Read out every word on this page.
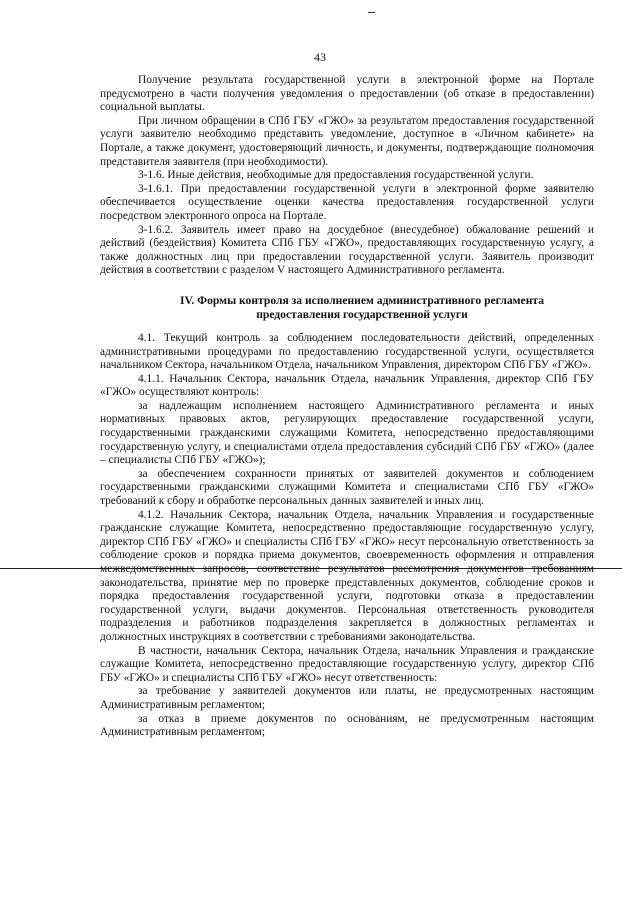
43

Получение результата государственной услуги в электронной форме на Портале предусмотрено в части получения уведомления о предоставлении (об отказе в предоставлении) социальной выплаты.

При личном обращении в СПб ГБУ «ГЖО» за результатом предоставления государственной услуги заявителю необходимо представить уведомление, доступное в «Личном кабинете» на Портале, а также документ, удостоверяющий личность, и документы, подтверждающие полномочия представителя заявителя (при необходимости).

3-1.6. Иные действия, необходимые для предоставления государственной услуги.

3-1.6.1. При предоставлении государственной услуги в электронной форме заявителю обеспечивается осуществление оценки качества предоставления государственной услуги посредством электронного опроса на Портале.

3-1.6.2. Заявитель имеет право на досудебное (внесудебное) обжалование решений и действий (бездействия) Комитета СПб ГБУ «ГЖО», предоставляющих государственную услугу, а также должностных лиц при предоставлении государственной услуги. Заявитель производит действия в соответствии с разделом V настоящего Административного регламента.

IV. Формы контроля за исполнением административного регламента
предоставления государственной услуги

4.1. Текущий контроль за соблюдением последовательности действий, определенных административными процедурами по предоставлению государственной услуги, осуществляется начальником Сектора, начальником Отдела, начальником Управления, директором СПб ГБУ «ГЖО».

4.1.1. Начальник Сектора, начальник Отдела, начальник Управления, директор СПб ГБУ «ГЖО» осуществляют контроль:

за надлежащим исполнением настоящего Административного регламента и иных нормативных правовых актов, регулирующих предоставление государственной услуги, государственными гражданскими служащими Комитета, непосредственно предоставляющими государственную услугу, и специалистами отдела предоставления субсидий СПб ГБУ «ГЖО» (далее – специалисты СПб ГБУ «ГЖО»);

за обеспечением сохранности принятых от заявителей документов и соблюдением государственными гражданскими служащими Комитета и специалистами СПб ГБУ «ГЖО» требований к сбору и обработке персональных данных заявителей и иных лиц.

4.1.2. Начальник Сектора, начальник Отдела, начальник Управления и государственные гражданские служащие Комитета, непосредственно предоставляющие государственную услугу, директор СПб ГБУ «ГЖО» и специалисты СПб ГБУ «ГЖО» несут персональную ответственность за соблюдение сроков и порядка приема документов, своевременность оформления и отправления межведомственных запросов, соответствие результатов рассмотрения документов требованиям законодательства, принятие мер по проверке представленных документов, соблюдение сроков и порядка предоставления государственной услуги, подготовки отказа в предоставлении государственной услуги, выдачи документов. Персональная ответственность руководителя подразделения и работников подразделения закрепляется в должностных регламентах и должностных инструкциях в соответствии с требованиями законодательства.

В частности, начальник Сектора, начальник Отдела, начальник Управления и гражданские служащие Комитета, непосредственно предоставляющие государственную услугу, директор СПб ГБУ «ГЖО» и специалисты СПб ГБУ «ГЖО» несут ответственность:

за требование у заявителей документов или платы, не предусмотренных настоящим Административным регламентом;

за отказ в приеме документов по основаниям, не предусмотренным настоящим Административным регламентом;
